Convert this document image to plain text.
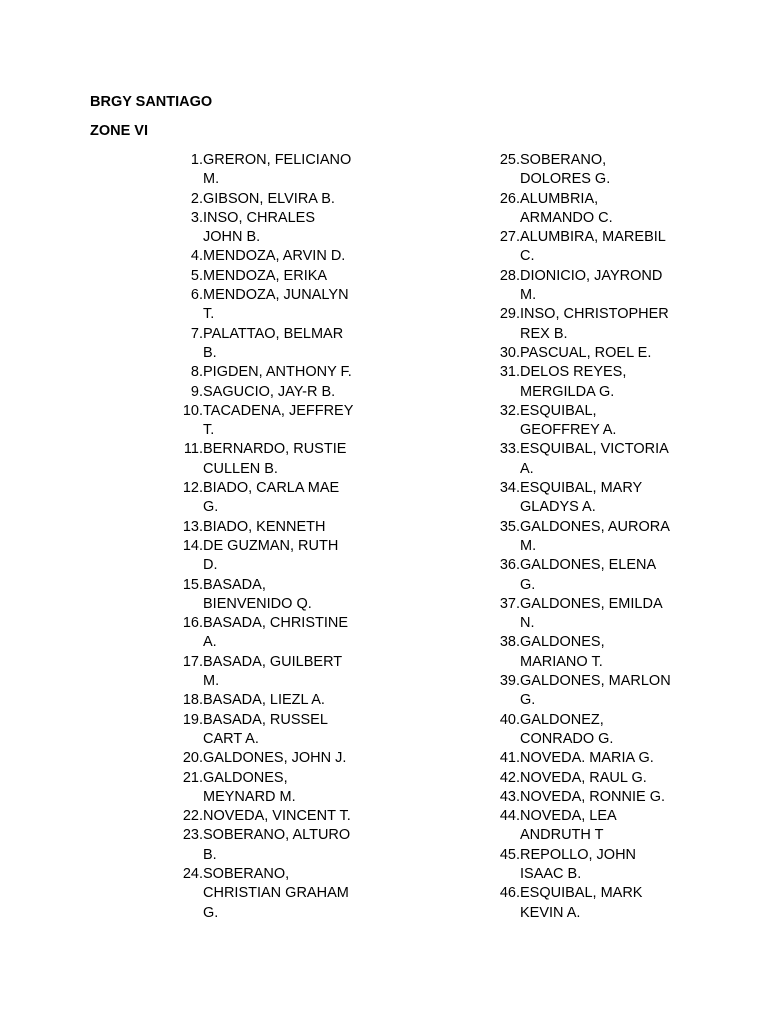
BRGY SANTIAGO

ZONE VI

1. GRERON, FELICIANO
M.
2. GIBSON, ELVIRA B.
3. INSO, CHRALES
JOHN B.
4. MENDOZA, ARVIN D.
5. MENDOZA, ERIKA
6. MENDOZA, JUNALYN
T.
7. PALATTAO, BELMAR
B.
8. PIGDEN, ANTHONY F.
9. SAGUCIO, JAY-R B.
10. TACADENA, JEFFREY
T.
11. BERNARDO, RUSTIE
CULLEN B.
12. BIADO, CARLA MAE
G.
13. BIADO, KENNETH
14. DE GUZMAN, RUTH
D.
15. BASADA,
BIENVENIDO Q.
16. BASADA, CHRISTINE
A.
17. BASADA, GUILBERT
M.
18. BASADA, LIEZL A.
19. BASADA, RUSSEL
CART A.
20. GALDONES, JOHN J.
21. GALDONES,
MEYNARD M.
22. NOVEDA, VINCENT T.
23. SOBERANO, ALTURO
B.
24. SOBERANO,
CHRISTIAN GRAHAM
G.
25. SOBERANO,
DOLORES G.
26. ALUMBRIA,
ARMANDO C.
27. ALUMBIRA, MAREBIL
C.
28. DIONICIO, JAYROND
M.
29. INSO, CHRISTOPHER
REX B.
30. PASCUAL, ROEL E.
31. DELOS REYES,
MERGILDA G.
32. ESQUIBAL,
GEOFFREY A.
33. ESQUIBAL, VICTORIA
A.
34. ESQUIBAL, MARY
GLADYS A.
35. GALDONES, AURORA
M.
36. GALDONES, ELENA
G.
37. GALDONES, EMILDA
N.
38. GALDONES,
MARIANO T.
39. GALDONES, MARLON
G.
40. GALDONEZ,
CONRADO G.
41. NOVEDA. MARIA G.
42. NOVEDA, RAUL G.
43. NOVEDA, RONNIE G.
44. NOVEDA, LEA
ANDRUTH T
45. REPOLLO, JOHN
ISAAC B.
46. ESQUIBAL, MARK
KEVIN A.
